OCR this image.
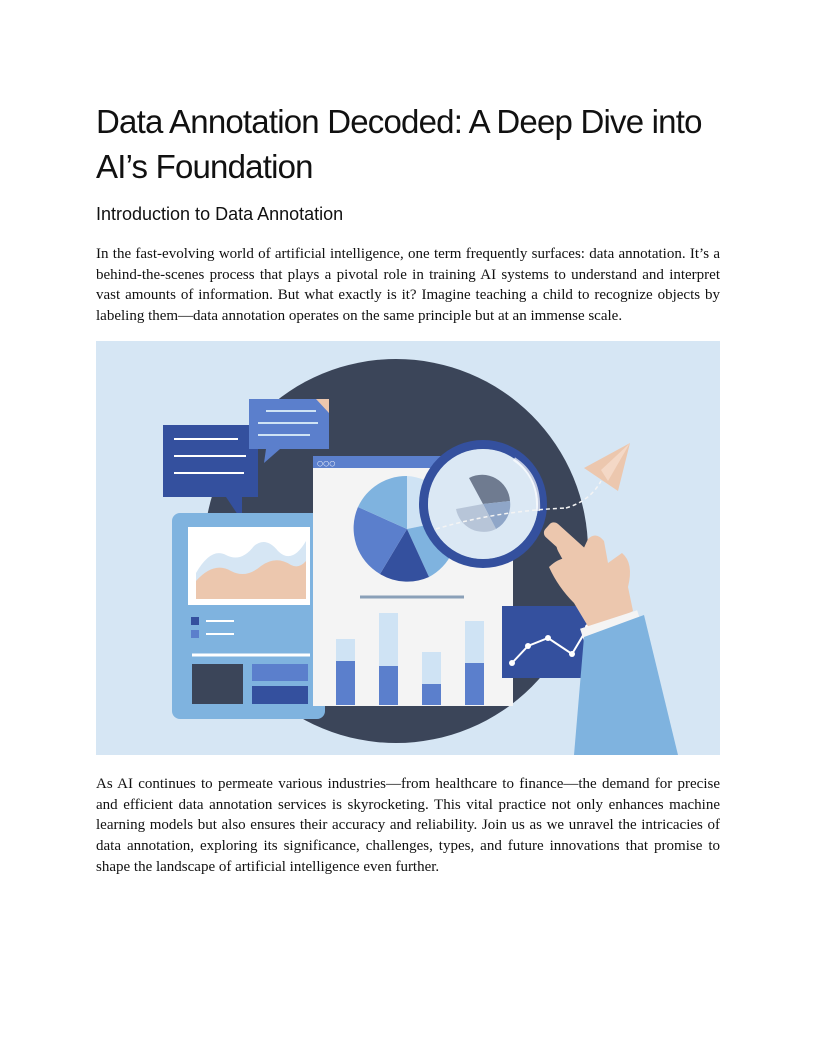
Data Annotation Decoded: A Deep Dive into AI’s Foundation
Introduction to Data Annotation

In the fast-evolving world of artificial intelligence, one term frequently surfaces: data annotation. It’s a behind-the-scenes process that plays a pivotal role in training AI systems to understand and interpret vast amounts of information. But what exactly is it? Imagine teaching a child to recognize objects by labeling them—data annotation operates on the same principle but at an immense scale.

○○○

As AI continues to permeate various industries—from healthcare to finance—the demand for precise and efficient data annotation services is skyrocketing. This vital practice not only enhances machine learning models but also ensures their accuracy and reliability. Join us as we unravel the intricacies of data annotation, exploring its significance, challenges, types, and future innovations that promise to shape the landscape of artificial intelligence even further.
